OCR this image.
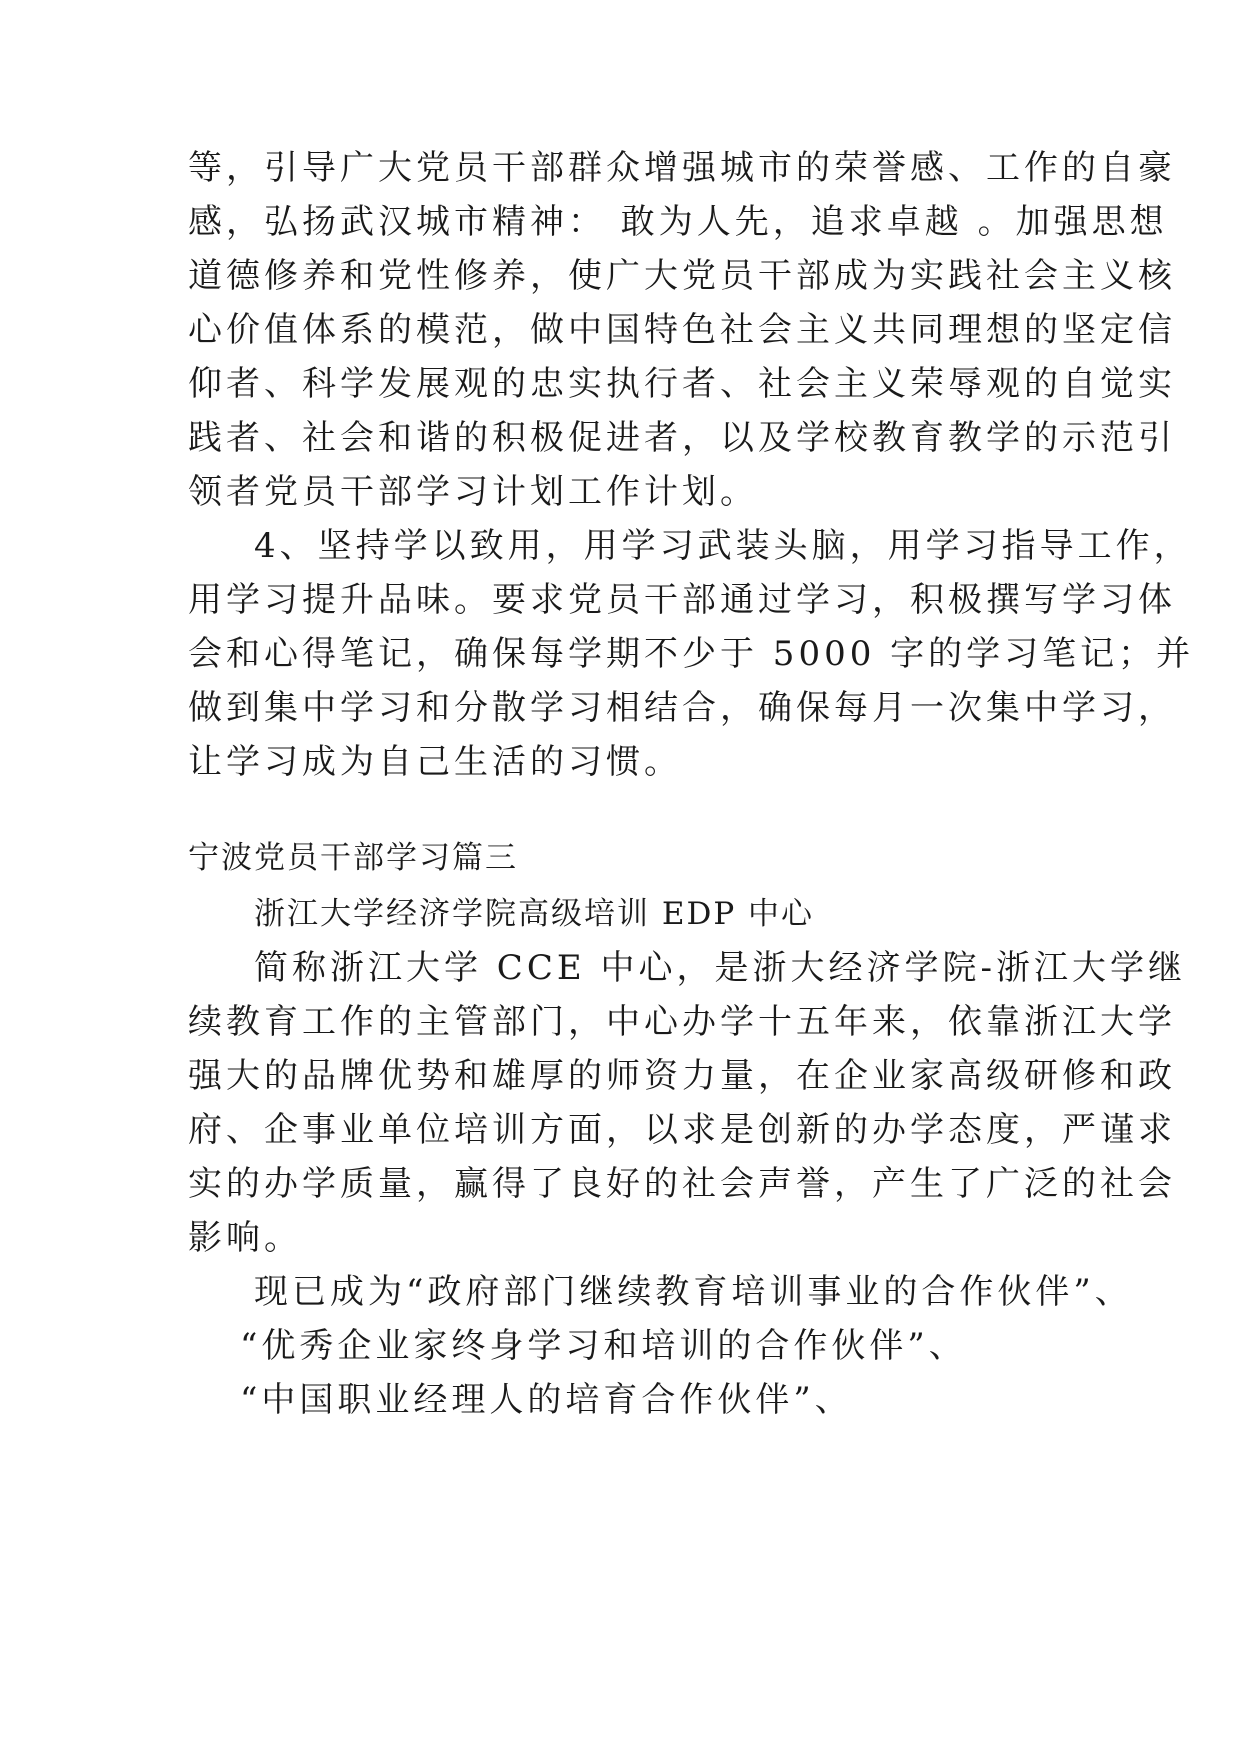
等，引导广大党员干部群众增强城市的荣誉感、工作的自豪
感，弘扬武汉城市精神： 敢为人先，追求卓越 。加强思想
道德修养和党性修养，使广大党员干部成为实践社会主义核
心价值体系的模范，做中国特色社会主义共同理想的坚定信
仰者、科学发展观的忠实执行者、社会主义荣辱观的自觉实
践者、社会和谐的积极促进者，以及学校教育教学的示范引
领者党员干部学习计划工作计划。
4、坚持学以致用，用学习武装头脑，用学习指导工作，
用学习提升品味。要求党员干部通过学习，积极撰写学习体
会和心得笔记，确保每学期不少于 5000 字的学习笔记；并
做到集中学习和分散学习相结合，确保每月一次集中学习，
让学习成为自己生活的习惯。
宁波党员干部学习篇三
浙江大学经济学院高级培训 EDP 中心
简称浙江大学 CCE 中心，是浙大经济学院-浙江大学继
续教育工作的主管部门，中心办学十五年来，依靠浙江大学
强大的品牌优势和雄厚的师资力量，在企业家高级研修和政
府、企事业单位培训方面，以求是创新的办学态度，严谨求
实的办学质量，赢得了良好的社会声誉，产生了广泛的社会
影响。
现已成为“政府部门继续教育培训事业的合作伙伴”、
“优秀企业家终身学习和培训的合作伙伴”、
“中国职业经理人的培育合作伙伴”、
